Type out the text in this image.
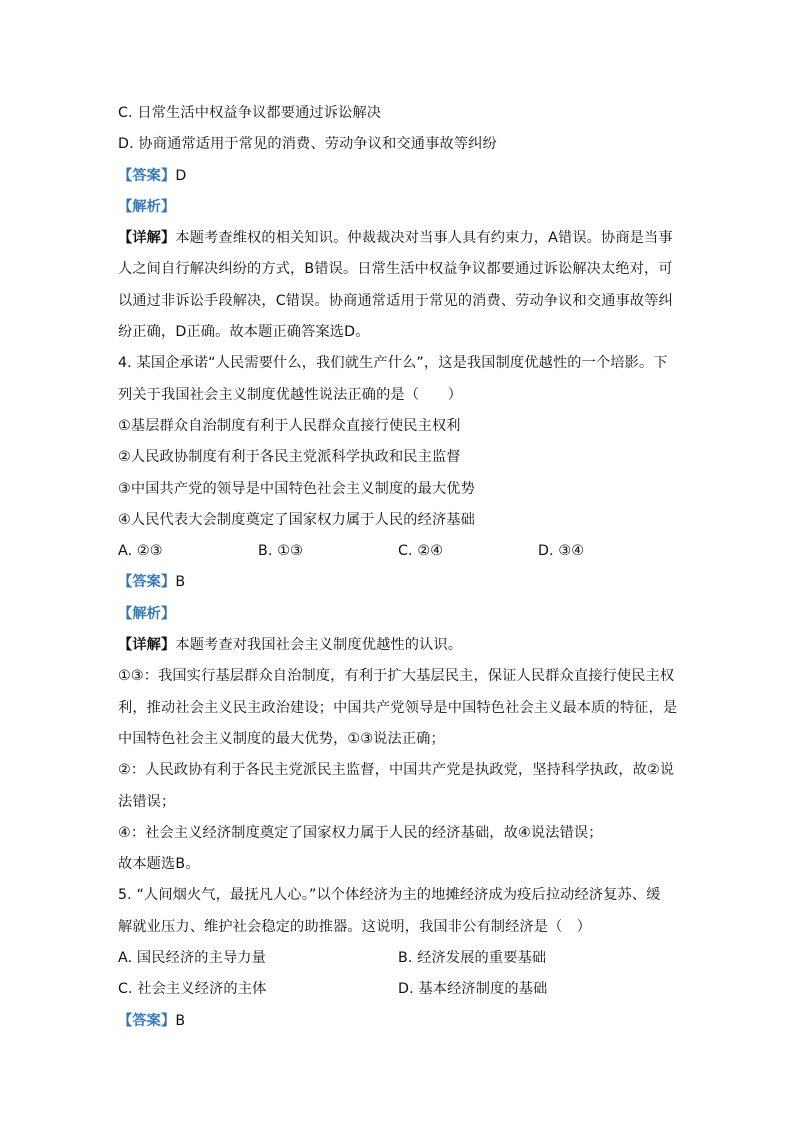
C. 日常生活中权益争议都要通过诉讼解决
D. 协商通常适用于常见的消费、劳动争议和交通事故等纠纷
【答案】D
【解析】
【详解】本题考查维权的相关知识。仲裁裁决对当事人具有约束力，A错误。协商是当事
人之间自行解决纠纷的方式，B错误。日常生活中权益争议都要通过诉讼解决太绝对，可
以通过非诉讼手段解决，C错误。协商通常适用于常见的消费、劳动争议和交通事故等纠
纷正确，D正确。故本题正确答案选D。
4. 某国企承诺“人民需要什么，我们就生产什么”，这是我国制度优越性的一个培影。下
列关于我国社会主义制度优越性说法正确的是（　　）
①基层群众自治制度有利于人民群众直接行使民主权利
②人民政协制度有利于各民主党派科学执政和民主监督
③中国共产党的领导是中国特色社会主义制度的最大优势
④人民代表大会制度奠定了国家权力属于人民的经济基础
A. ②③	B. ①③	C. ②④	D. ③④
【答案】B
【解析】
【详解】本题考查对我国社会主义制度优越性的认识。
①③：我国实行基层群众自治制度，有利于扩大基层民主，保证人民群众直接行使民主权
利，推动社会主义民主政治建设；中国共产党领导是中国特色社会主义最本质的特征，是
中国特色社会主义制度的最大优势，①③说法正确；
②：人民政协有利于各民主党派民主监督，中国共产党是执政党，坚持科学执政，故②说
法错误；
④：社会主义经济制度奠定了国家权力属于人民的经济基础，故④说法错误；
故本题选B。
5. “人间烟火气，最抚凡人心。”以个体经济为主的地摊经济成为疫后拉动经济复苏、缓
解就业压力、维护社会稳定的助推器。这说明，我国非公有制经济是（　）
A. 国民经济的主导力量	B. 经济发展的重要基础
C. 社会主义经济的主体	D. 基本经济制度的基础
【答案】B
